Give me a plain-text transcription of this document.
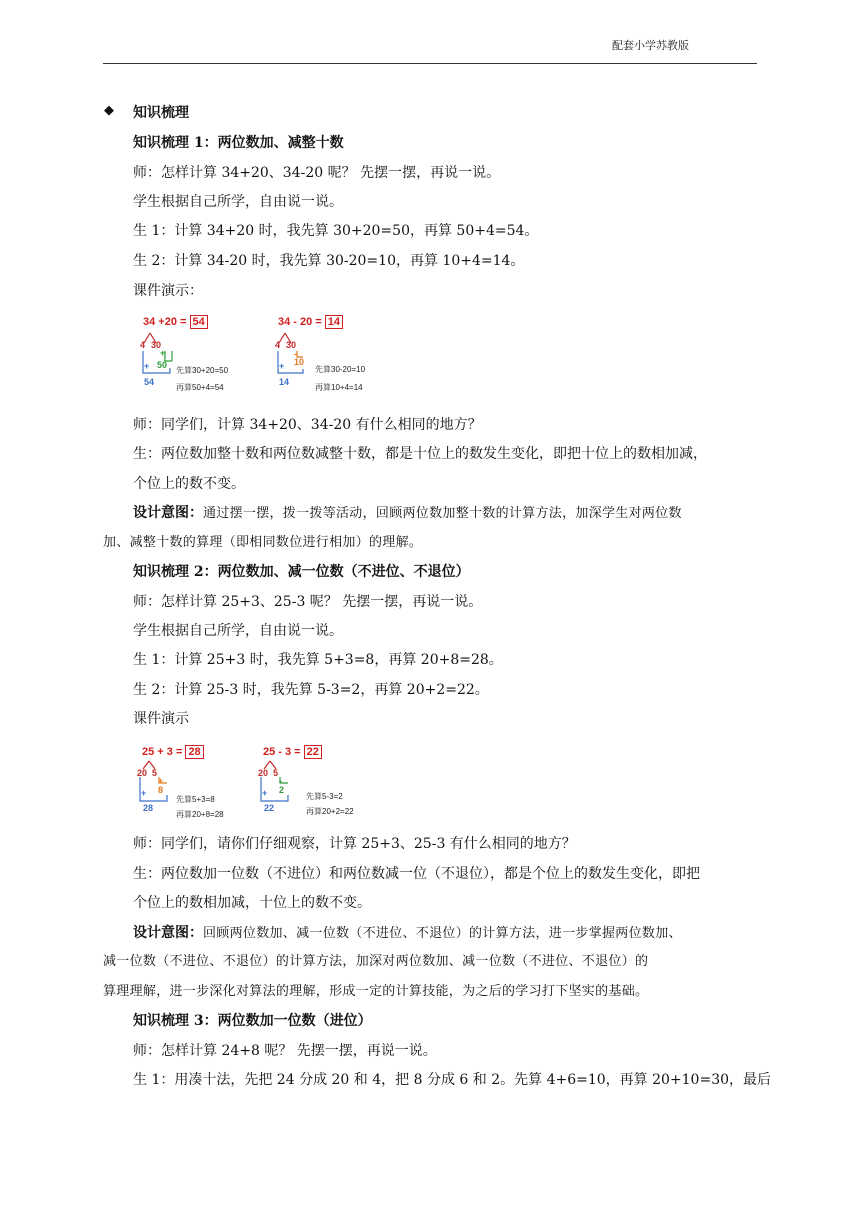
配套小学苏教版
◆ 知识梳理
知识梳理 1：两位数加、减整十数
师：怎样计算 34+20、34-20 呢？ 先摆一摆，再说一说。
学生根据自己所学，自由说一说。
生 1：计算 34+20 时，我先算 30+20=50，再算 50+4=54。
生 2：计算 34-20 时，我先算 30-20=10，再算 10+4=14。
课件演示：
34 +20 = 54
4 30
+
50
+
54
先算30+20=50
再算50+4=54
34 - 20 = 14
4 30
-
10
+
14
先算30-20=10
再算10+4=14
师：同学们，计算 34+20、34-20 有什么相同的地方？
生：两位数加整十数和两位数减整十数，都是十位上的数发生变化，即把十位上的数相加减，
个位上的数不变。
设计意图：通过摆一摆，拨一拨等活动，回顾两位数加整十数的计算方法，加深学生对两位数
加、减整十数的算理（即相同数位进行相加）的理解。
知识梳理 2：两位数加、减一位数（不进位、不退位）
师：怎样计算 25+3、25-3 呢？ 先摆一摆，再说一说。
学生根据自己所学，自由说一说。
生 1：计算 25+3 时，我先算 5+3=8，再算 20+8=28。
生 2：计算 25-3 时，我先算 5-3=2，再算 20+2=22。
课件演示
25 + 3 = 28
20 5
+
8
+
28
先算5+3=8
再算20+8=28
25 - 3 = 22
20 5
-
2
+
22
先算5-3=2
再算20+2=22
师：同学们，请你们仔细观察，计算 25+3、25-3 有什么相同的地方？
生：两位数加一位数（不进位）和两位数减一位（不退位），都是个位上的数发生变化，即把
个位上的数相加减，十位上的数不变。
设计意图：回顾两位数加、减一位数（不进位、不退位）的计算方法，进一步掌握两位数加、
减一位数（不进位、不退位）的计算方法，加深对两位数加、减一位数（不进位、不退位）的
算理理解，进一步深化对算法的理解，形成一定的计算技能，为之后的学习打下坚实的基础。
知识梳理 3：两位数加一位数（进位）
师：怎样计算 24+8 呢？ 先摆一摆，再说一说。
生 1：用凑十法，先把 24 分成 20 和 4，把 8 分成 6 和 2。先算 4+6=10，再算 20+10=30，最后
